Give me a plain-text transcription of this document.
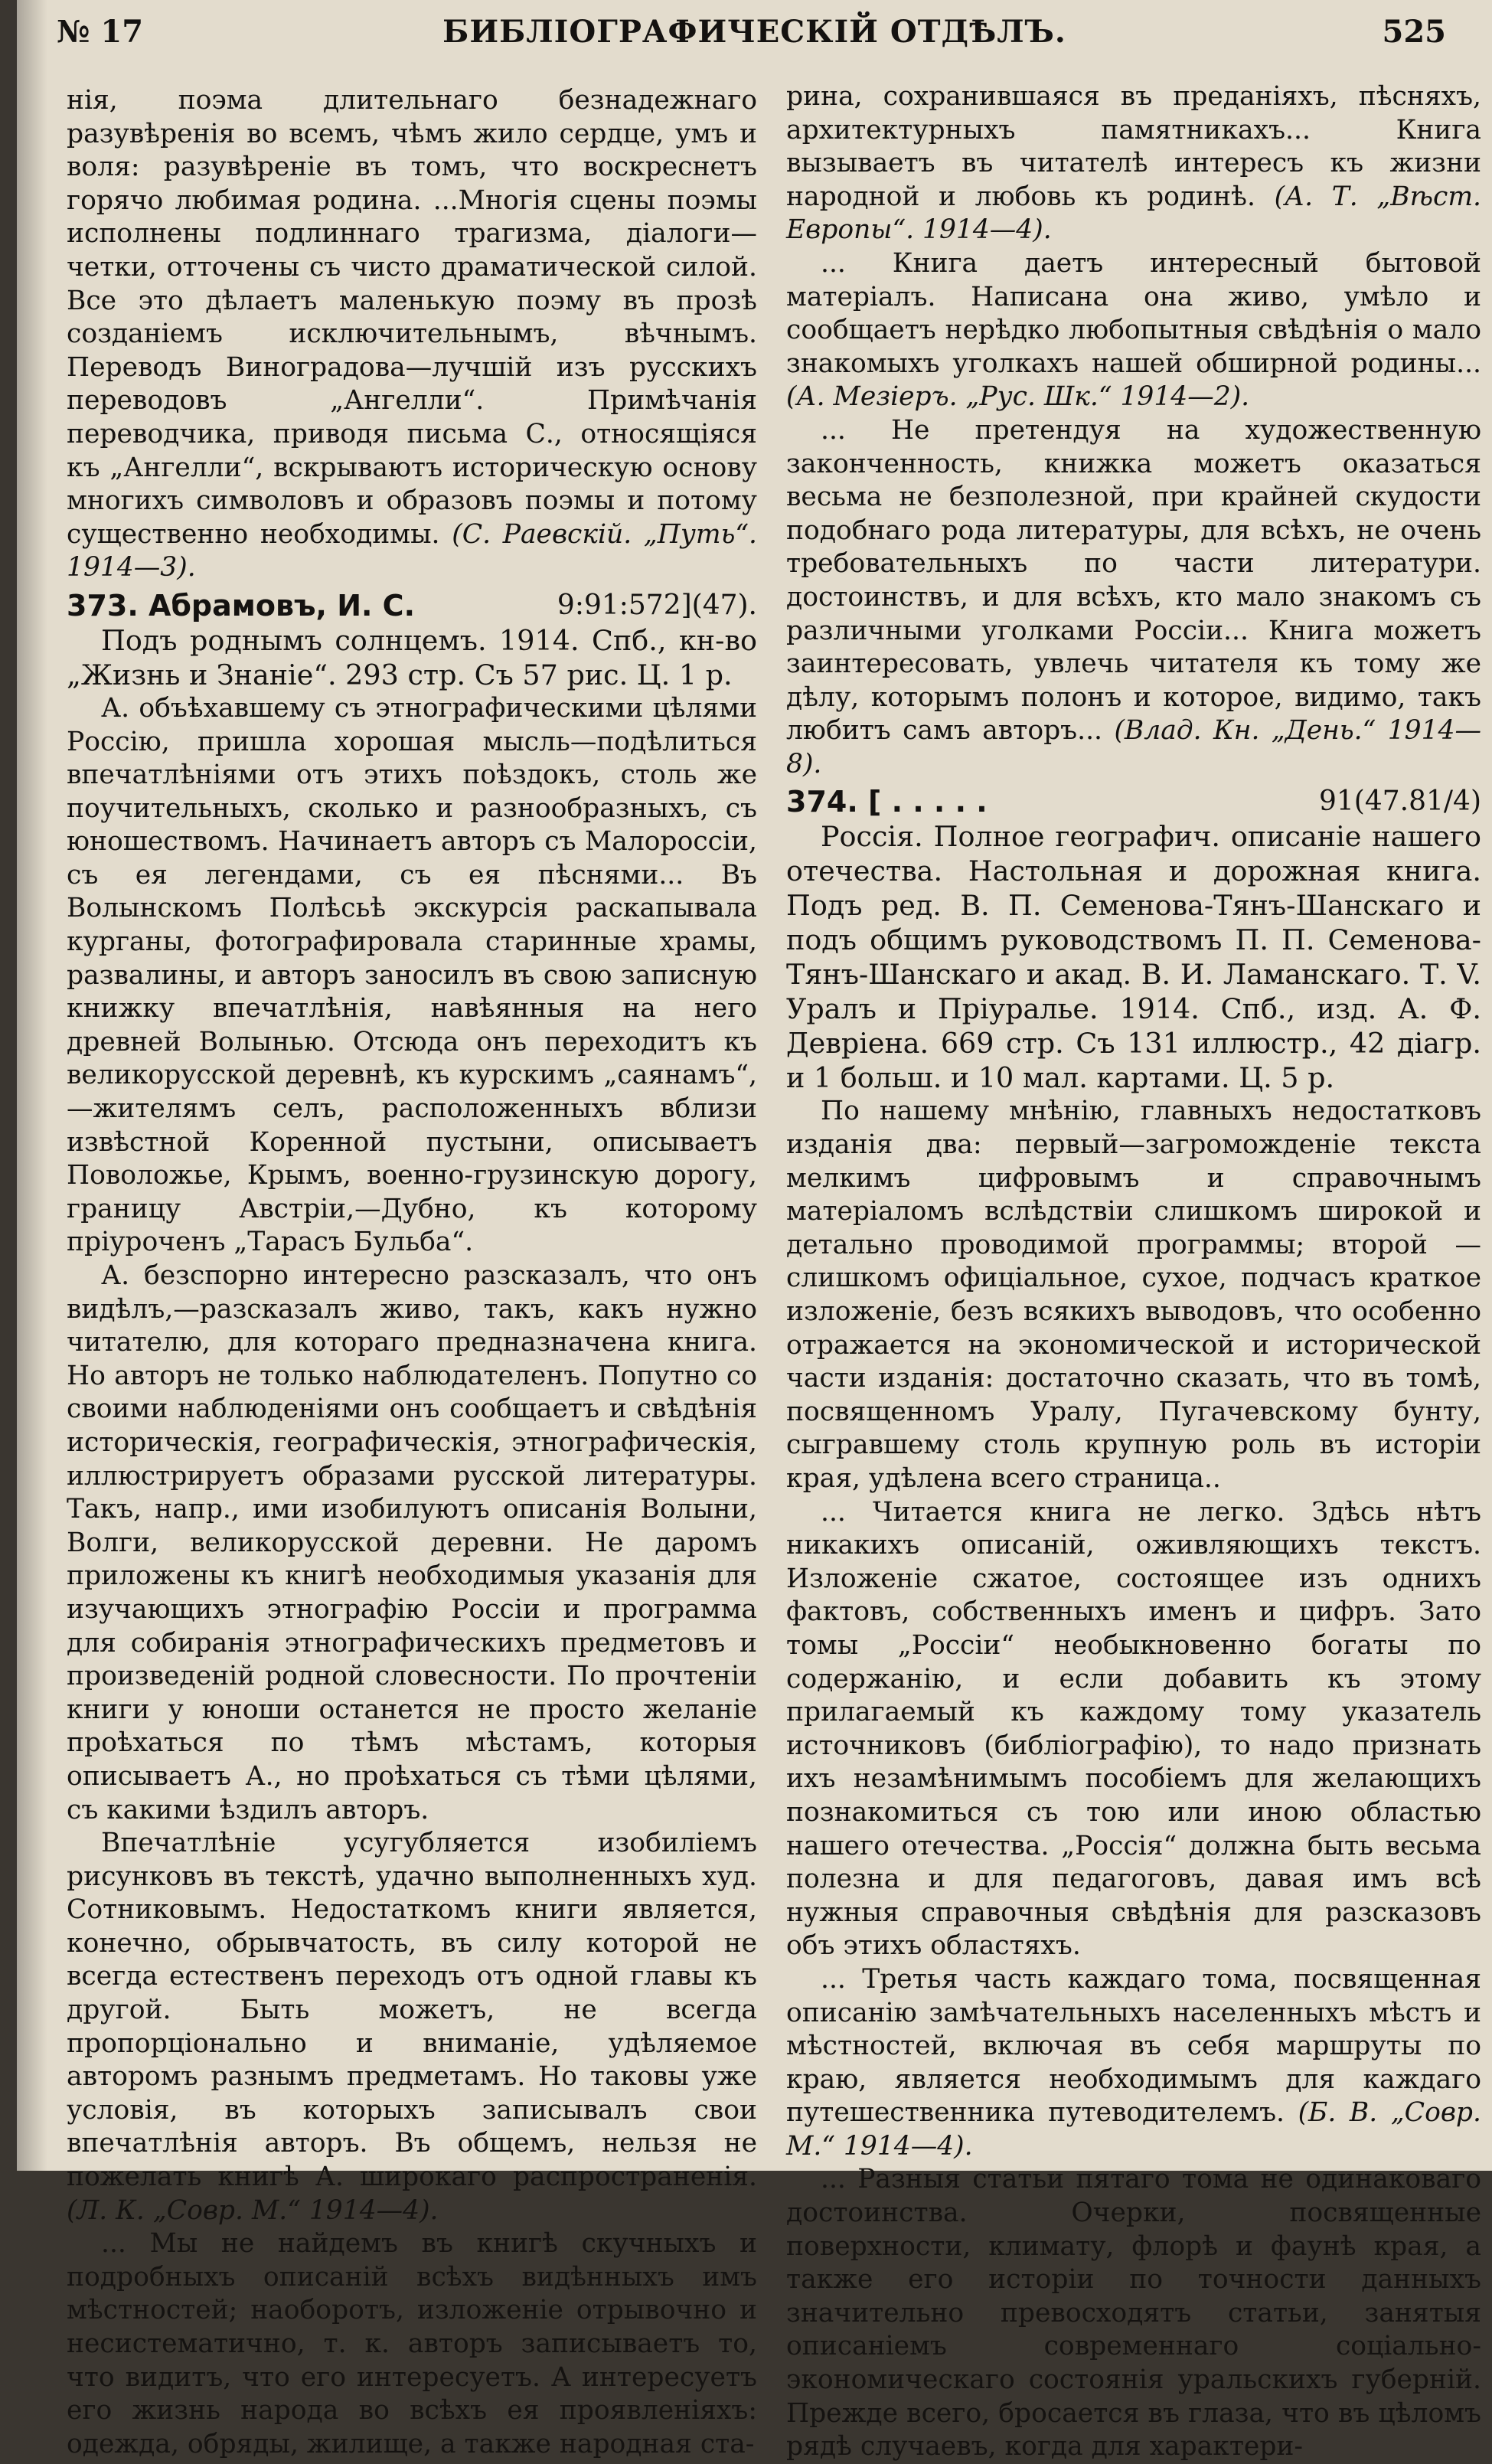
№ 17	БИБЛІОГРАФИЧЕСКІЙ ОТДѢЛЪ.	525

нія, поэма длительнаго безнадежнаго разувѣренія во всемъ, чѣмъ жило сердце, умъ и воля: разувѣреніе въ томъ, что воскреснетъ горячо любимая родина. ...Многія сцены поэмы исполнены подлиннаго трагизма, діалоги—четки, отточены съ чисто драматической силой. Все это дѣлаетъ маленькую поэму въ прозѣ созданіемъ исключительнымъ, вѣчнымъ. Переводъ Виноградова—лучшій изъ русскихъ переводовъ „Ангелли“. Примѣчанія переводчика, приводя письма С., относящіяся къ „Ангелли“, вскрываютъ историческую основу многихъ символовъ и образовъ поэмы и потому существенно необходимы. (С. Раевскій. „Путь“. 1914—3).

373. Абрамовъ, И. С.	9:91:572](47).

Подъ роднымъ солнцемъ. 1914. Спб., кн-во „Жизнь и Знаніе“. 293 стр. Съ 57 рис. Ц. 1 р.

А. объѣхавшему съ этнографическими цѣлями Россію, пришла хорошая мысль—подѣлиться впечатлѣніями отъ этихъ поѣздокъ, столь же поучительныхъ, сколько и разнообразныхъ, съ юношествомъ. Начинаетъ авторъ съ Малороссіи, съ ея легендами, съ ея пѣснями... Въ Волынскомъ Полѣсьѣ экскурсія раскапывала курганы, фотографировала старинные храмы, развалины, и авторъ заносилъ въ свою записную книжку впечатлѣнія, навѣянныя на него древней Волынью. Отсюда онъ переходитъ къ великорусской деревнѣ, къ курскимъ „саянамъ“,—жителямъ селъ, расположенныхъ вблизи извѣстной Коренной пустыни, описываетъ Поволожье, Крымъ, военно-грузинскую дорогу, границу Австріи,—Дубно, къ которому пріуроченъ „Тарасъ Бульба“.

А. безспорно интересно разсказалъ, что онъ видѣлъ,—разсказалъ живо, такъ, какъ нужно читателю, для котораго предназначена книга. Но авторъ не только наблюдателенъ. Попутно со своими наблюденіями онъ сообщаетъ и свѣдѣнія историческія, географическія, этнографическія, иллюстрируетъ образами русской литературы. Такъ, напр., ими изобилуютъ описанія Волыни, Волги, великорусской деревни. Не даромъ приложены къ книгѣ необходимыя указанія для изучающихъ этнографію Россіи и программа для собиранія этнографическихъ предметовъ и произведеній родной словесности. По прочтеніи книги у юноши останется не просто желаніе проѣхаться по тѣмъ мѣстамъ, которыя описываетъ А., но проѣхаться съ тѣми цѣлями, съ какими ѣздилъ авторъ.

Впечатлѣніе усугубляется изобиліемъ рисунковъ въ текстѣ, удачно выполненныхъ худ. Сотниковымъ. Недостаткомъ книги является, конечно, обрывчатость, въ силу которой не всегда естественъ переходъ отъ одной главы къ другой. Быть можетъ, не всегда пропорціонально и вниманіе, удѣляемое авторомъ разнымъ предметамъ. Но таковы уже условія, въ которыхъ записывалъ свои впечатлѣнія авторъ. Въ общемъ, нельзя не пожелать книгѣ А. широкаго распространенія. (Л. К. „Совр. М.“ 1914—4).

... Мы не найдемъ въ книгѣ скучныхъ и подробныхъ описаній всѣхъ видѣнныхъ имъ мѣстностей; наоборотъ, изложеніе отрывочно и несистематично, т. к. авторъ записываетъ то, что видитъ, что его интересуетъ. А интересуетъ его жизнь народа во всѣхъ ея проявленіяхъ: одежда, обряды, жилище, а также народная ста-

рина, сохранившаяся въ преданіяхъ, пѣсняхъ, архитектурныхъ памятникахъ... Книга вызываетъ въ читателѣ интересъ къ жизни народной и любовь къ родинѣ. (А. Т. „Вѣст. Европы“. 1914—4).

... Книга даетъ интересный бытовой матеріалъ. Написана она живо, умѣло и сообщаетъ нерѣдко любопытныя свѣдѣнія о мало знакомыхъ уголкахъ нашей обширной родины... (А. Мезіеръ. „Рус. Шк.“ 1914—2).

... Не претендуя на художественную законченность, книжка можетъ оказаться весьма не безполезной, при крайней скудости подобнаго рода литературы, для всѣхъ, не очень требовательныхъ по части литератури. достоинствъ, и для всѣхъ, кто мало знакомъ съ различными уголками Россіи... Книга можетъ заинтересовать, увлечь читателя къ тому же дѣлу, которымъ полонъ и которое, видимо, такъ любитъ самъ авторъ... (Влад. Кн. „День.“ 1914—8).

374. [ . . . . .	91(47.81/4)

Россія. Полное географич. описаніе нашего отечества. Настольная и дорожная книга. Подъ ред. В. П. Семенова-Тянъ-Шанскаго и подъ общимъ руководствомъ П. П. Семенова-Тянъ-Шанскаго и акад. В. И. Ламанскаго. Т. V. Уралъ и Пріуралье. 1914. Спб., изд. А. Ф. Девріена. 669 стр. Съ 131 иллюстр., 42 діагр. и 1 больш. и 10 мал. картами. Ц. 5 р.

По нашему мнѣнію, главныхъ недостатковъ изданія два: первый—загроможденіе текста мелкимъ цифровымъ и справочнымъ матеріаломъ вслѣдствіи слишкомъ широкой и детально проводимой программы; второй — слишкомъ офиціальное, сухое, подчасъ краткое изложеніе, безъ всякихъ выводовъ, что особенно отражается на экономической и исторической части изданія: достаточно сказать, что въ томѣ, посвященномъ Уралу, Пугачевскому бунту, сыгравшему столь крупную роль въ исторіи края, удѣлена всего страница..

... Читается книга не легко. Здѣсь нѣтъ никакихъ описаній, оживляющихъ текстъ. Изложеніе сжатое, состоящее изъ однихъ фактовъ, собственныхъ именъ и цифръ. Зато томы „Россіи“ необыкновенно богаты по содержанію, и если добавить къ этому прилагаемый къ каждому тому указатель источниковъ (библіографію), то надо признать ихъ незамѣнимымъ пособіемъ для желающихъ познакомиться съ тою или иною областью нашего отечества. „Россія“ должна быть весьма полезна и для педагоговъ, давая имъ всѣ нужныя справочныя свѣдѣнія для разсказовъ объ этихъ областяхъ.

... Третья часть каждаго тома, посвященная описанію замѣчательныхъ населенныхъ мѣстъ и мѣстностей, включая въ себя маршруты по краю, является необходимымъ для каждаго путешественника путеводителемъ. (Б. В. „Совр. М.“ 1914—4).

... Разныя статьи пятаго тома не одинаковаго достоинства. Очерки, посвященные поверхности, климату, флорѣ и фаунѣ края, а также его исторіи по точности данныхъ значительно превосходятъ статьи, занятыя описаніемъ современнаго соціально-экономическаго состоянія уральскихъ губерній. Прежде всего, бросается въ глаза, что въ цѣломъ рядѣ случаевъ, когда для характери-
